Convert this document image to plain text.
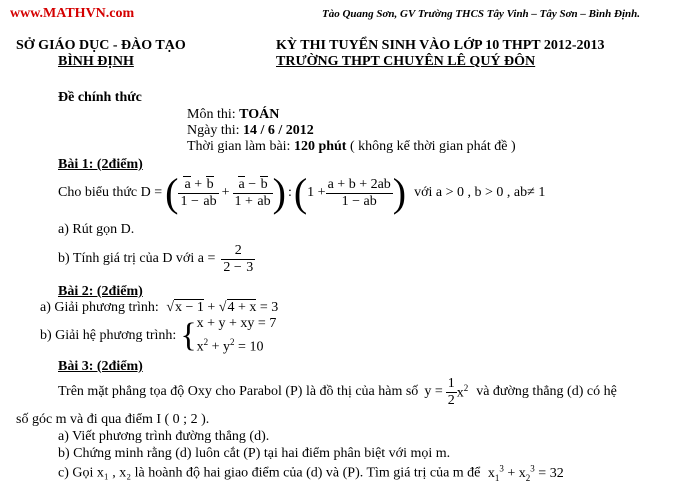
www.MATHVN.com	Tào Quang Sơn, GV Trường THCS Tây Vinh – Tây Sơn – Bình Định.
SỞ GIÁO DỤC - ĐÀO TẠO
BÌNH ĐỊNH
KỲ THI TUYỂN SINH VÀO LỚP 10 THPT 2012-2013
TRƯỜNG THPT CHUYÊN LÊ QUÝ ĐÔN
Đề chính thức
Môn thi: TOÁN
Ngày thi: 14 / 6 / 2012
Thời gian làm bài: 120 phút ( không kể thời gian phát đề )
Bài 1: (2điểm)
Cho biểu thức D = ( $\frac{a + b}{1 - ab} + \frac{a - b}{1 + ab}$ ) : ( $1 + \frac{a + b + 2ab}{1 - ab}$ ) với a > 0 , b > 0 , ab≠ 1
a) Rút gọn D.
b) Tính giá trị của D với $a = \frac{2}{2 - 3}$
Bài 2: (2điểm)
a) Giải phương trình: √x − 1 + √4 + x = 3
b) Giải hệ phương trình: { x + y + xy = 7
$x^2 + y^2 = 10$
Bài 3: (2điểm)
Trên mặt phẳng tọa độ Oxy cho Parabol (P) là đồ thị của hàm số $y = \frac{1}{2} x^2$ và đường thẳng (d) có hệ
số góc m và đi qua điểm I ( 0 ; 2 ).
a) Viết phương trình đường thẳng (d).
b) Chứng minh rằng (d) luôn cắt (P) tại hai điểm phân biệt với mọi m.
c) Gọi x₁ , x₂ là hoành độ hai giao điểm của (d) và (P). Tìm giá trị của m để $x_1^3 + x_2^3 = 32$
